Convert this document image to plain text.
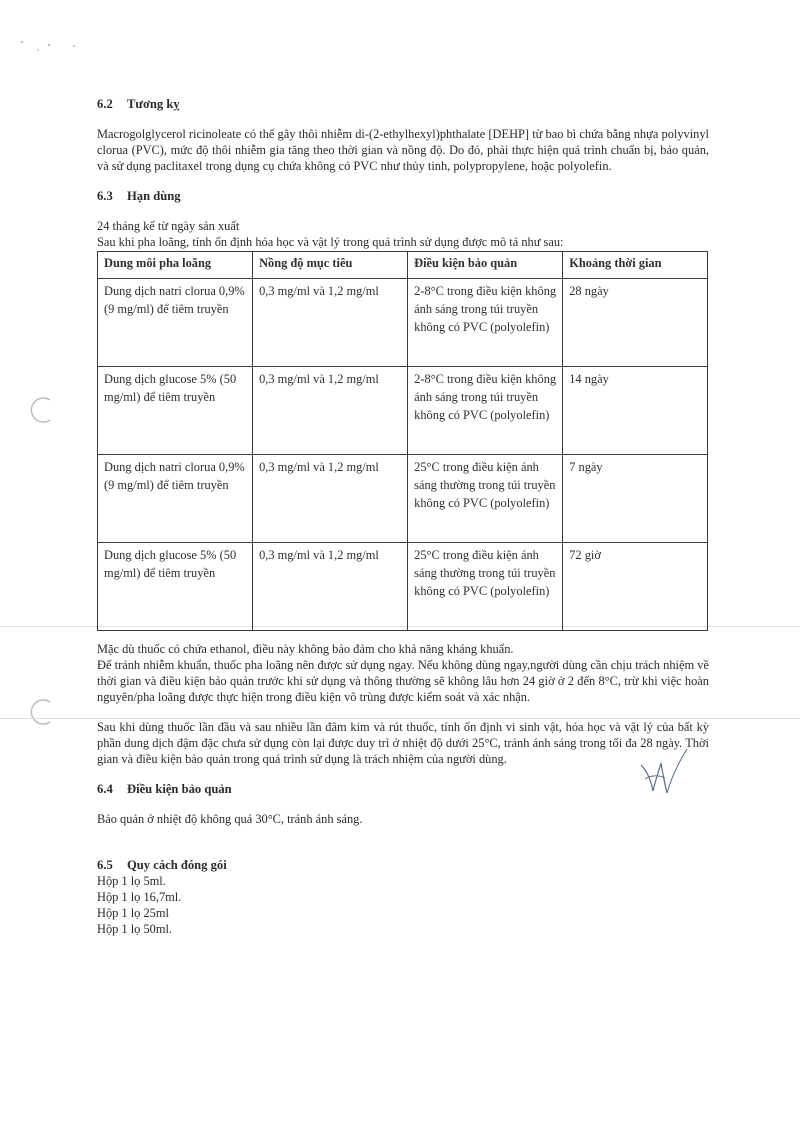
6.2 Tương kỵ

Macrogolglycerol ricinoleate có thể gây thôi nhiễm di-(2-ethylhexyl)phthalate [DEHP] từ bao bì chứa bằng nhựa polyvinyl clorua (PVC), mức độ thôi nhiễm gia tăng theo thời gian và nồng độ. Do đó, phải thực hiện quá trình chuẩn bị, bảo quản, và sử dụng paclitaxel trong dụng cụ chứa không có PVC như thủy tinh, polypropylene, hoặc polyolefin.

6.3 Hạn dùng

24 tháng kể từ ngày sản xuất

Sau khi pha loãng, tính ổn định hóa học và vật lý trong quá trình sử dụng được mô tả như sau:

Dung môi pha loãng	Nồng độ mục tiêu	Điều kiện bảo quản	Khoảng thời gian
Dung dịch natri clorua 0,9% (9 mg/ml) để tiêm truyền	0,3 mg/ml và 1,2 mg/ml	2-8°C trong điều kiện không ánh sáng trong túi truyền không có PVC (polyolefin)	28 ngày
Dung dịch glucose 5% (50 mg/ml) để tiêm truyền	0,3 mg/ml và 1,2 mg/ml	2-8°C trong điều kiện không ánh sáng trong túi truyền không có PVC (polyolefin)	14 ngày
Dung dịch natri clorua 0,9% (9 mg/ml) để tiêm truyền	0,3 mg/ml và 1,2 mg/ml	25°C trong điều kiện ánh sáng thường trong túi truyền không có PVC (polyolefin)	7 ngày
Dung dịch glucose 5% (50 mg/ml) để tiêm truyền	0,3 mg/ml và 1,2 mg/ml	25°C trong điều kiện ánh sáng thường trong túi truyền không có PVC (polyolefin)	72 giờ

Mặc dù thuốc có chứa ethanol, điều này không bảo đảm cho khả năng kháng khuẩn.

Để tránh nhiễm khuẩn, thuốc pha loãng nên được sử dụng ngay. Nếu không dùng ngay,người dùng cần chịu trách nhiệm về thời gian và điều kiện bảo quản trước khi sử dụng và thông thường sẽ không lâu hơn 24 giờ ở 2 đến 8°C, trừ khi việc hoàn nguyên/pha loãng được thực hiện trong điều kiện vô trùng được kiểm soát và xác nhận.

Sau khi dùng thuốc lần đầu và sau nhiều lần đâm kim và rút thuốc, tính ổn định vi sinh vật, hóa học và vật lý của bất kỳ phần dung dịch đậm đặc chưa sử dụng còn lại được duy trì ở nhiệt độ dưới 25°C, tránh ánh sáng trong tối đa 28 ngày. Thời gian và điều kiện bảo quản trong quá trình sử dụng là trách nhiệm của người dùng.

6.4 Điều kiện bảo quản

Bảo quản ở nhiệt độ không quá 30°C, tránh ánh sáng.

6.5 Quy cách đóng gói

Hộp 1 lọ 5ml.

Hộp 1 lọ 16,7ml.

Hộp 1 lọ 25ml

Hộp 1 lọ 50ml.
